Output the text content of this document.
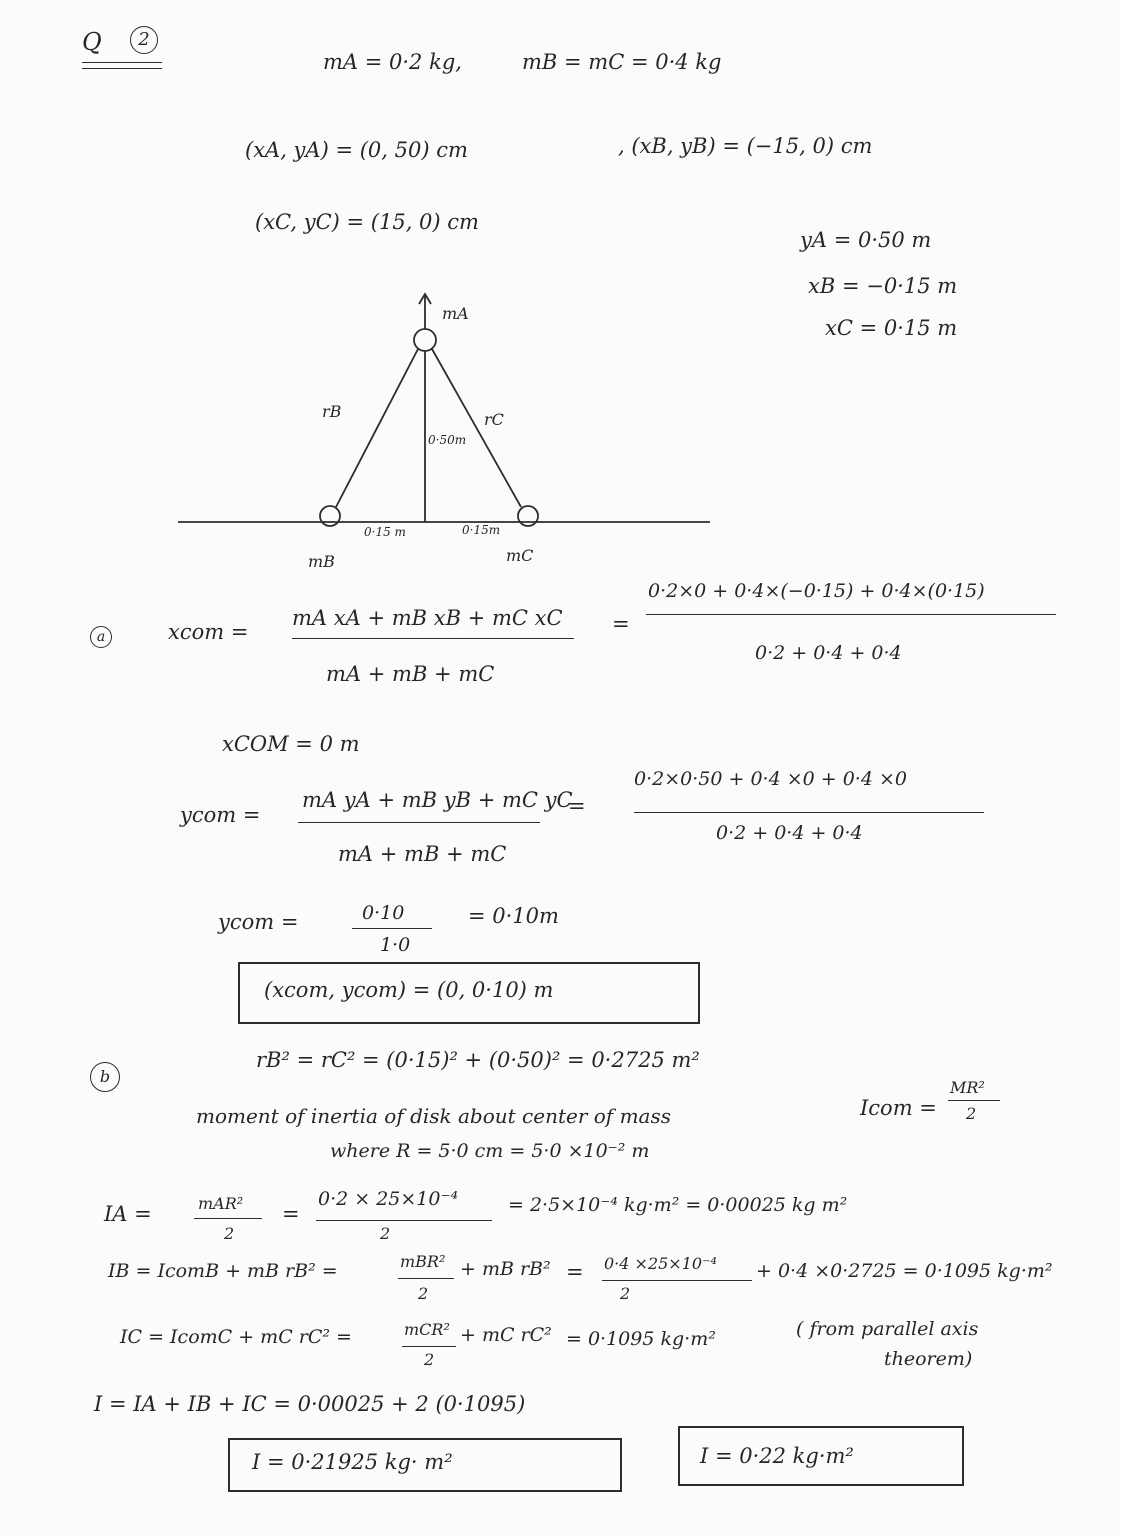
Q	2
mA = 0·2 kg,	mB = mC = 0·4 kg
(xA, yA) = (0, 50) cm	, (xB, yB) = (−15, 0) cm
(xC, yC) = (15, 0) cm
yA = 0·50 m
xB = −0·15 m
xC = 0·15 m
mA
rB	rC
0·50m
0·15 m	0·15m
mB	mC
a	xcom =
mA xA + mB xB + mC xC
mA + mB + mC
=
0·2×0 + 0·4×(−0·15) + 0·4×(0·15)
0·2 + 0·4 + 0·4
xCOM = 0 m
ycom =
mA yA + mB yB + mC yC
mA + mB + mC
=
0·2×0·50 + 0·4 ×0 + 0·4 ×0
0·2 + 0·4 + 0·4
ycom =	0·10
1·0
= 0·10m
(xcom, ycom) = (0, 0·10) m
b
rB² = rC² = (0·15)² + (0·50)² = 0·2725 m²
moment of inertia of disk about center of mass	Icom =
MR²
2
where R = 5·0 cm = 5·0 ×10⁻² m
IA =	mAR²
2
=
0·2 × 25×10⁻⁴
2
= 2·5×10⁻⁴ kg·m² = 0·00025 kg m²
IB = IcomB + mB rB² =	mBR²
2
+ mB rB² = 0·4 ×25×10⁻⁴
2
+ 0·4 ×0·2725 = 0·1095 kg·m²
IC = IcomC + mC rC² =	mCR²
2
+ mC rC² = 0·1095 kg·m²	( from parallel axis
theorem)
I = IA + IB + IC = 0·00025 + 2 (0·1095)
I = 0·21925 kg· m²	I = 0·22 kg·m²
